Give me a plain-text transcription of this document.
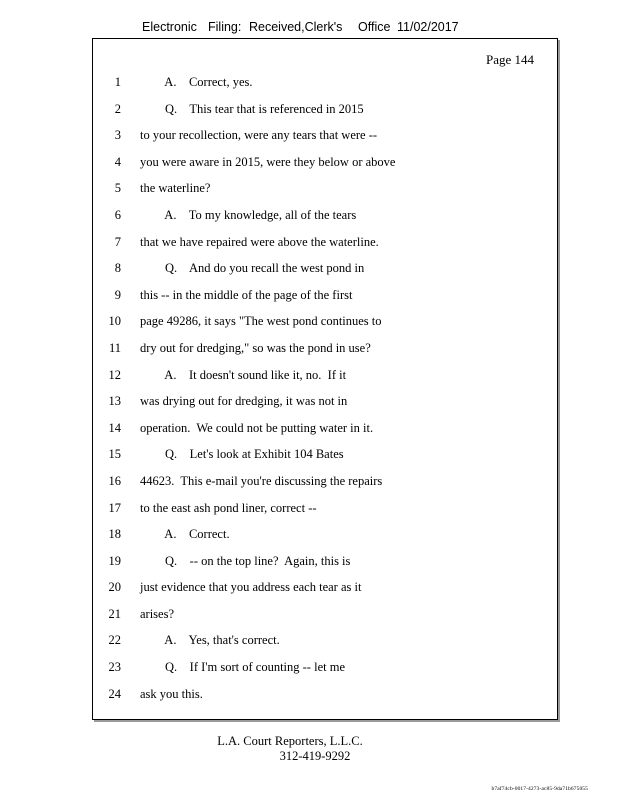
Electronic Filing: Received,Clerk's Office 11/02/2017
Page 144
1 A.    Correct, yes.
2 Q.    This tear that is referenced in 2015
3 to your recollection, were any tears that were --
4 you were aware in 2015, were they below or above
5 the waterline?
6 A.    To my knowledge, all of the tears
7 that we have repaired were above the waterline.
8 Q.    And do you recall the west pond in
9 this -- in the middle of the page of the first
10 page 49286, it says "The west pond continues to
11 dry out for dredging," so was the pond in use?
12 A.    It doesn't sound like it, no.  If it
13 was drying out for dredging, it was not in
14 operation.  We could not be putting water in it.
15 Q.    Let's look at Exhibit 104 Bates
16 44623.  This e-mail you're discussing the repairs
17 to the east ash pond liner, correct --
18 A.    Correct.
19 Q.    -- on the top line?  Again, this is
20 just evidence that you address each tear as it
21 arises?
22 A.    Yes, that's correct.
23 Q.    If I'm sort of counting -- let me
24 ask you this.
L.A. Court Reporters, L.L.C.
312-419-9292
b7af74cb-0017-4273-ac85-9da71b675055
